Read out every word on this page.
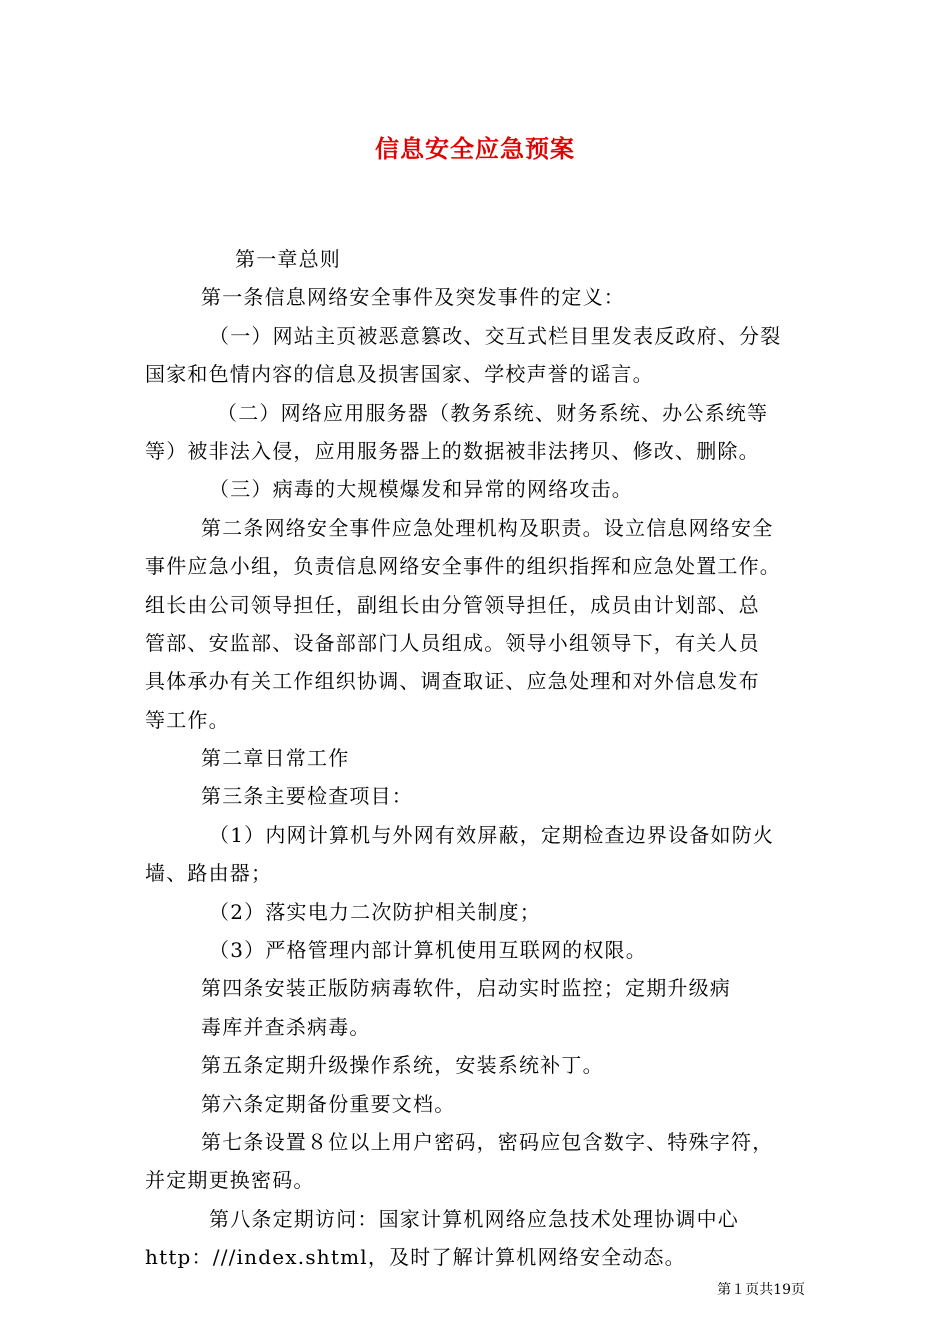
信息安全应急预案
第一章总则
第一条信息网络安全事件及突发事件的定义：
（一）网站主页被恶意篡改、交互式栏目里发表反政府、分裂
国家和色情内容的信息及损害国家、学校声誉的谣言。
（二）网络应用服务器（教务系统、财务系统、办公系统等
等）被非法入侵，应用服务器上的数据被非法拷贝、修改、删除。
（三）病毒的大规模爆发和异常的网络攻击。
第二条网络安全事件应急处理机构及职责。设立信息网络安全
事件应急小组，负责信息网络安全事件的组织指挥和应急处置工作。
组长由公司领导担任，副组长由分管领导担任，成员由计划部、总
管部、安监部、设备部部门人员组成。领导小组领导下，有关人员
具体承办有关工作组织协调、调查取证、应急处理和对外信息发布
等工作。
第二章日常工作
第三条主要检查项目：
（1）内网计算机与外网有效屏蔽，定期检查边界设备如防火
墙、路由器；
（2）落实电力二次防护相关制度；
（3）严格管理内部计算机使用互联网的权限。
第四条安装正版防病毒软件，启动实时监控；定期升级病
毒库并查杀病毒。
第五条定期升级操作系统，安装系统补丁。
第六条定期备份重要文档。
第七条设置８位以上用户密码，密码应包含数字、特殊字符，
并定期更换密码。
第八条定期访问：国家计算机网络应急技术处理协调中心
http：///index.shtml，及时了解计算机网络安全动态。
第１页共19页
